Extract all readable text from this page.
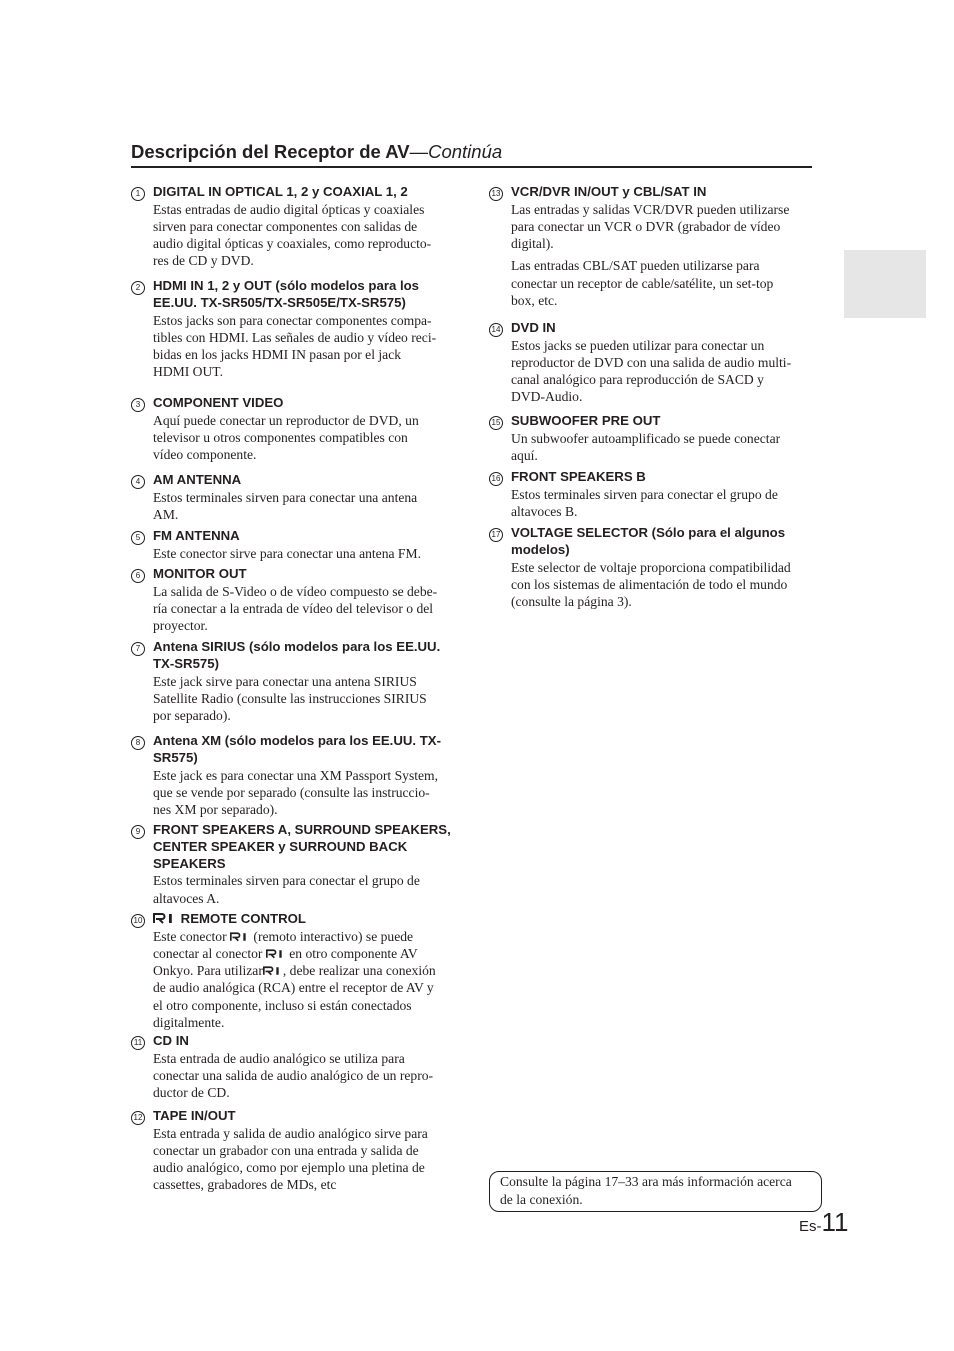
Descripción del Receptor de AV—Continúa
1 DIGITAL IN OPTICAL 1, 2 y COAXIAL 1, 2
Estas entradas de audio digital ópticas y coaxiales
sirven para conectar componentes con salidas de
audio digital ópticas y coaxiales, como reproducto-
res de CD y DVD.
2 HDMI IN 1, 2 y OUT (sólo modelos para los EE.UU. TX-SR505/TX-SR505E/TX-SR575)
Estos jacks son para conectar componentes compa-
tibles con HDMI. Las señales de audio y vídeo reci-
bidas en los jacks HDMI IN pasan por el jack
HDMI OUT.
3 COMPONENT VIDEO
Aquí puede conectar un reproductor de DVD, un
televisor u otros componentes compatibles con
vídeo componente.
4 AM ANTENNA
Estos terminales sirven para conectar una antena
AM.
5 FM ANTENNA
Este conector sirve para conectar una antena FM.
6 MONITOR OUT
La salida de S-Video o de vídeo compuesto se debe-
ría conectar a la entrada de vídeo del televisor o del
proyector.
7 Antena SIRIUS (sólo modelos para los EE.UU. TX-SR575)
Este jack sirve para conectar una antena SIRIUS
Satellite Radio (consulte las instrucciones SIRIUS
por separado).
8 Antena XM (sólo modelos para los EE.UU. TX-SR575)
Este jack es para conectar una XM Passport System,
que se vende por separado (consulte las instruccio-
nes XM por separado).
9 FRONT SPEAKERS A, SURROUND SPEAKERS, CENTER SPEAKER y SURROUND BACK SPEAKERS
Estos terminales sirven para conectar el grupo de
altavoces A.
10	REMOTE CONTROL
Este conector (remoto interactivo) se puede
conectar al conector en otro componente AV
Onkyo. Para utilizar , debe realizar una conexión
de audio analógica (RCA) entre el receptor de AV y
el otro componente, incluso si están conectados
digitalmente.
11 CD IN
Esta entrada de audio analógico se utiliza para
conectar una salida de audio analógico de un repro-
ductor de CD.
12 TAPE IN/OUT
Esta entrada y salida de audio analógico sirve para
conectar un grabador con una entrada y salida de
audio analógico, como por ejemplo una pletina de
cassettes, grabadores de MDs, etc
13 VCR/DVR IN/OUT y CBL/SAT IN
Las entradas y salidas VCR/DVR pueden utilizarse
para conectar un VCR o DVR (grabador de vídeo
digital).
Las entradas CBL/SAT pueden utilizarse para
conectar un receptor de cable/satélite, un set-top
box, etc.
14 DVD IN
Estos jacks se pueden utilizar para conectar un
reproductor de DVD con una salida de audio multi-
canal analógico para reproducción de SACD y
DVD-Audio.
15 SUBWOOFER PRE OUT
Un subwoofer autoamplificado se puede conectar
aquí.
16 FRONT SPEAKERS B
Estos terminales sirven para conectar el grupo de
altavoces B.
17 VOLTAGE SELECTOR (Sólo para el algunos modelos)
Este selector de voltaje proporciona compatibilidad
con los sistemas de alimentación de todo el mundo
(consulte la página 3).
Consulte la página 17–33 ara más información acerca
de la conexión.
Es-11
